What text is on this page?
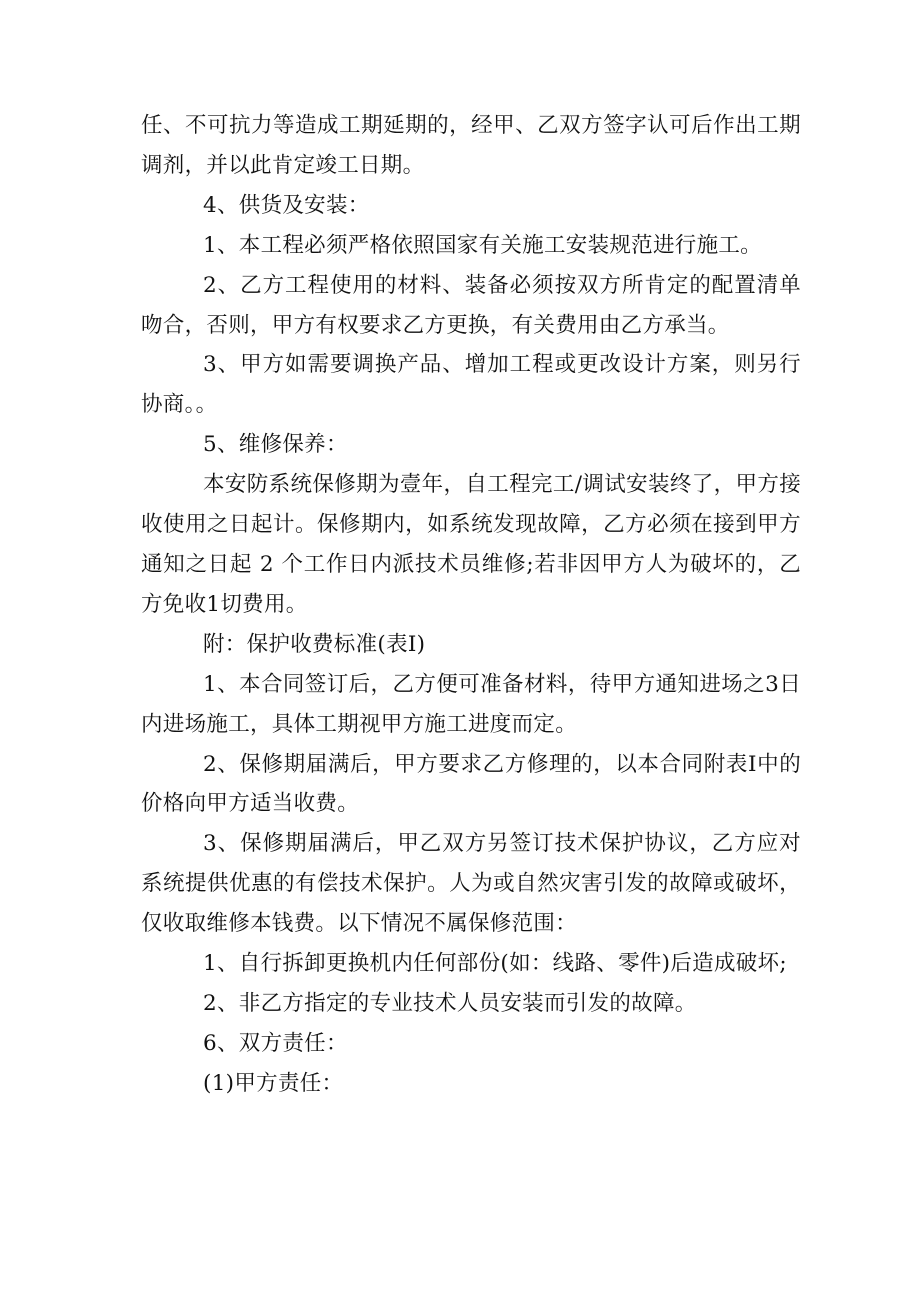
任、不可抗力等造成工期延期的，经甲、乙双方签字认可后作出工期调剂，并以此肯定竣工日期。

4、供货及安装：

1、本工程必须严格依照国家有关施工安装规范进行施工。

2、乙方工程使用的材料、装备必须按双方所肯定的配置清单吻合，否则，甲方有权要求乙方更换，有关费用由乙方承当。

3、甲方如需要调换产品、增加工程或更改设计方案，则另行协商。。

5、维修保养：

本安防系统保修期为壹年，自工程完工/调试安装终了，甲方接收使用之日起计。保修期内，如系统发现故障，乙方必须在接到甲方通知之日起 2 个工作日内派技术员维修;若非因甲方人为破坏的，乙方免收1切费用。

附：保护收费标准(表I)

1、本合同签订后，乙方便可准备材料，待甲方通知进场之3日内进场施工，具体工期视甲方施工进度而定。

2、保修期届满后，甲方要求乙方修理的，以本合同附表I中的价格向甲方适当收费。

3、保修期届满后，甲乙双方另签订技术保护协议，乙方应对系统提供优惠的有偿技术保护。人为或自然灾害引发的故障或破坏，仅收取维修本钱费。以下情况不属保修范围：

1、自行拆卸更换机内任何部份(如：线路、零件)后造成破坏;

2、非乙方指定的专业技术人员安装而引发的故障。

6、双方责任：

(1)甲方责任：
